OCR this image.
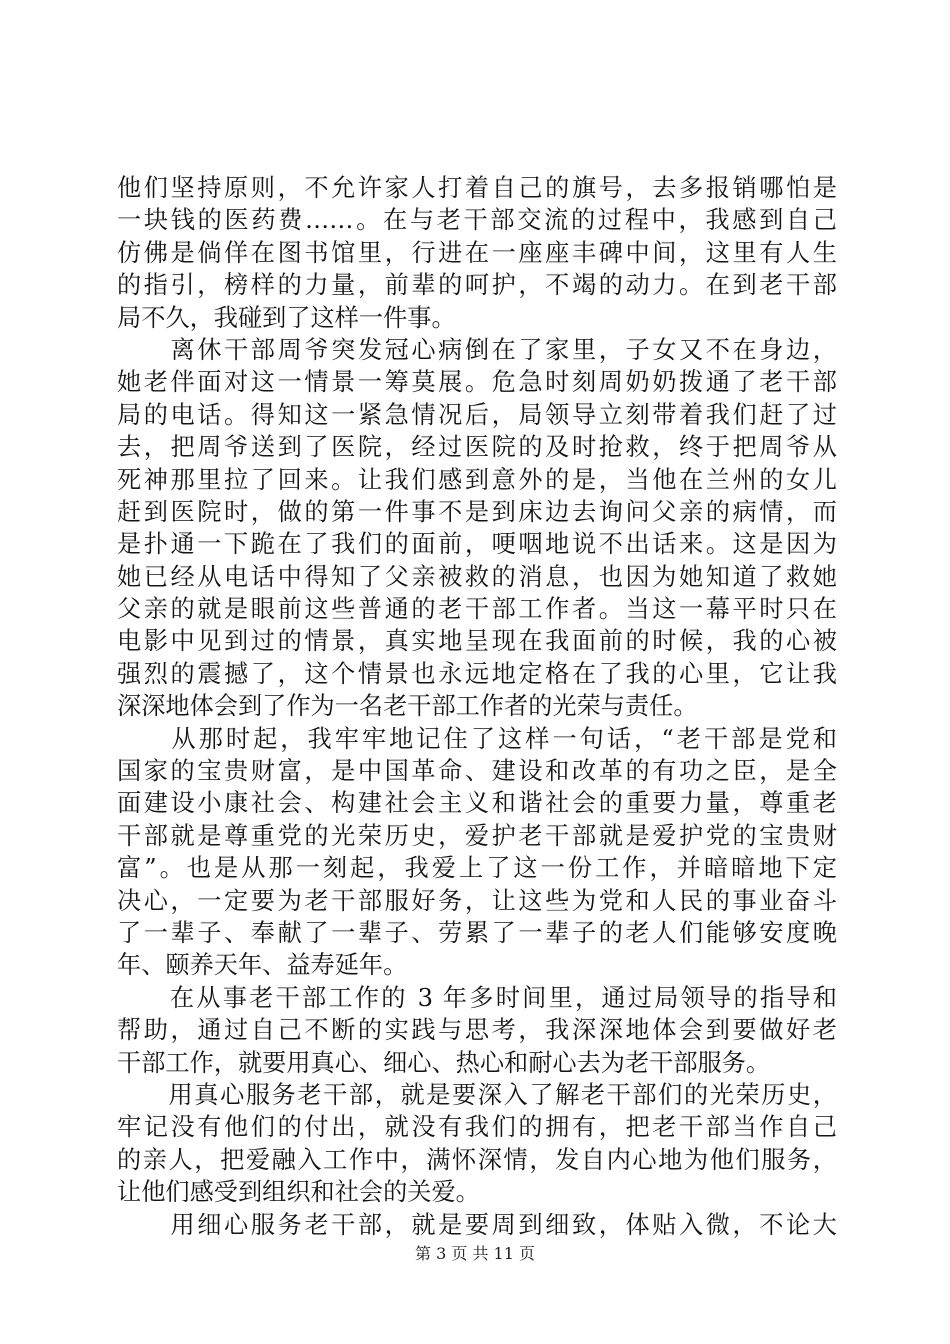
他们坚持原则，不允许家人打着自己的旗号，去多报销哪怕是
一块钱的医药费……。在与老干部交流的过程中，我感到自己
仿佛是倘佯在图书馆里，行进在一座座丰碑中间，这里有人生
的指引，榜样的力量，前辈的呵护，不竭的动力。在到老干部
局不久，我碰到了这样一件事。
　　离休干部周爷突发冠心病倒在了家里，子女又不在身边，
她老伴面对这一情景一筹莫展。危急时刻周奶奶拨通了老干部
局的电话。得知这一紧急情况后，局领导立刻带着我们赶了过
去，把周爷送到了医院，经过医院的及时抢救，终于把周爷从
死神那里拉了回来。让我们感到意外的是，当他在兰州的女儿
赶到医院时，做的第一件事不是到床边去询问父亲的病情，而
是扑通一下跪在了我们的面前，哽咽地说不出话来。这是因为
她已经从电话中得知了父亲被救的消息，也因为她知道了救她
父亲的就是眼前这些普通的老干部工作者。当这一幕平时只在
电影中见到过的情景，真实地呈现在我面前的时候，我的心被
强烈的震撼了，这个情景也永远地定格在了我的心里，它让我
深深地体会到了作为一名老干部工作者的光荣与责任。
　　从那时起，我牢牢地记住了这样一句话，“老干部是党和
国家的宝贵财富，是中国革命、建设和改革的有功之臣，是全
面建设小康社会、构建社会主义和谐社会的重要力量，尊重老
干部就是尊重党的光荣历史，爱护老干部就是爱护党的宝贵财
富”。也是从那一刻起，我爱上了这一份工作，并暗暗地下定
决心，一定要为老干部服好务，让这些为党和人民的事业奋斗
了一辈子、奉献了一辈子、劳累了一辈子的老人们能够安度晚
年、颐养天年、益寿延年。
　　在从事老干部工作的 3 年多时间里，通过局领导的指导和
帮助，通过自己不断的实践与思考，我深深地体会到要做好老
干部工作，就要用真心、细心、热心和耐心去为老干部服务。
　　用真心服务老干部，就是要深入了解老干部们的光荣历史，
牢记没有他们的付出，就没有我们的拥有，把老干部当作自己
的亲人，把爱融入工作中，满怀深情，发自内心地为他们服务，
让他们感受到组织和社会的关爱。
　　用细心服务老干部，就是要周到细致，体贴入微，不论大
第 3 页 共 11 页
